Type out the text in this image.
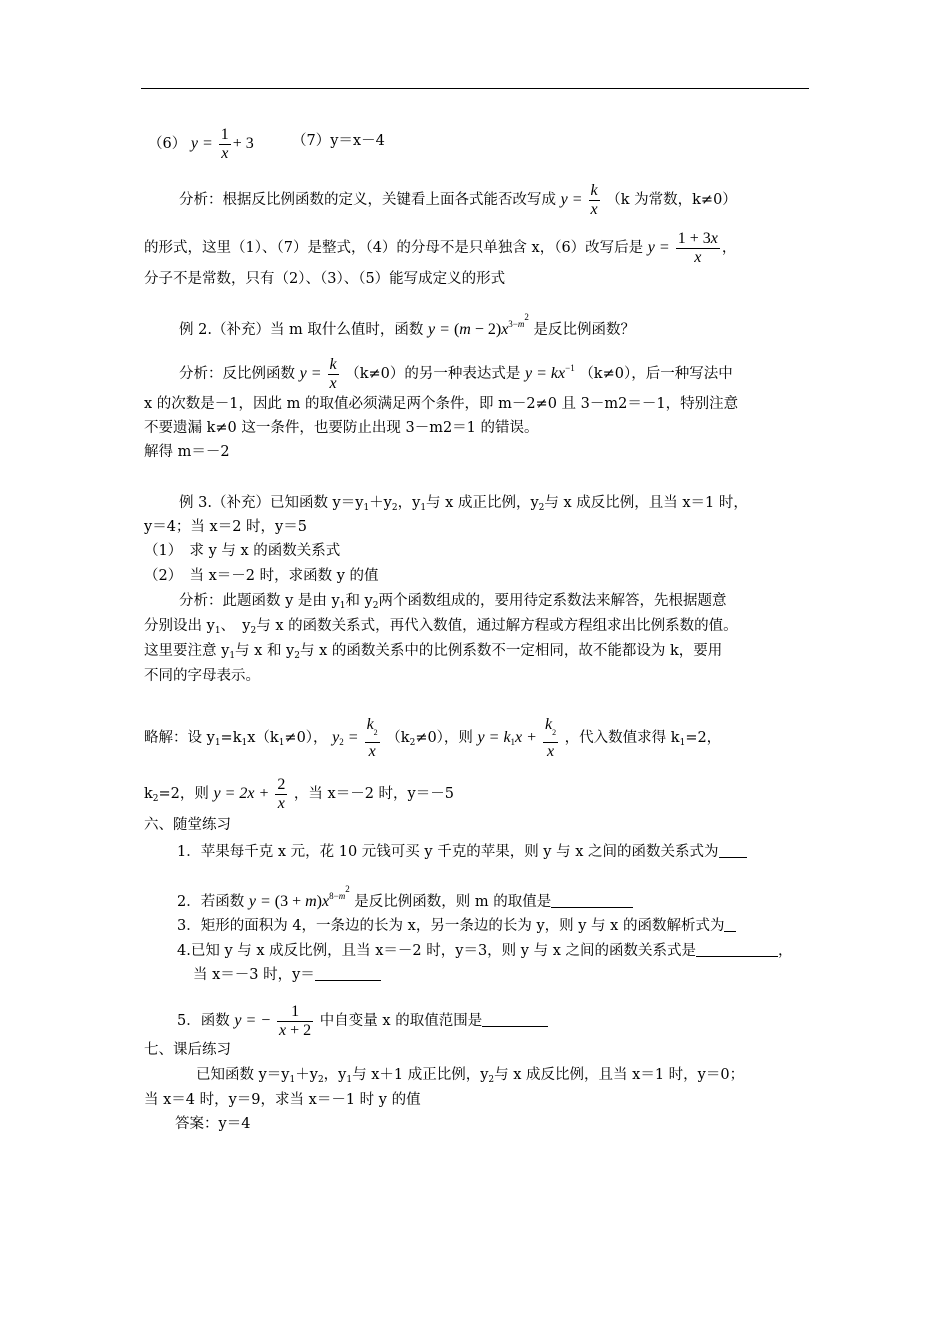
（6） $y = \frac{1}{x} + 3$	（7）y＝x－4
分析：根据反比例函数的定义，关键看上面各式能否改写成 $y = \frac{k}{x} (k$ 为常数，k≠0）
的形式，这里（1）、（7）是整式，（4）的分母不是只单独含 x，（6）改写后是 $y = \frac{1 + 3x}{x}$ ，
分子不是常数，只有（2）、（3）、（5）能写成定义的形式
例 2.（补充）当 m 取什么值时，函数 $y = (m - 2)x^{3-m^2}$ 是反比例函数？
分析：反比例函数 $y = \frac{k}{x} (k\ne 0)$的另一种表达式是 $y = kx^{-1}$ （k≠0），后一种写法中
x 的次数是－1，因此 m 的取值必须满足两个条件，即 m－2≠0 且 3－m2＝－1，特别注意
不要遗漏 k≠0 这一条件，也要防止出现 3－m2＝1 的错误。
解得 m＝－2
例 3.（补充）已知函数 $y=y_1+y_2$，$y_1$与 x 成正比例，$y_2$与 x 成反比例，且当 x＝1 时，
y＝4；当 x＝2 时，y＝5
（1）　求 y 与 x 的函数关系式
（2）　当 x＝－2 时，求函数 y 的值
分析：此题函数 y 是由 $y_1$和 $y_2$两个函数组成的，要用待定系数法来解答，先根据题意
分别设出 $y_1$、　$y_2$与 x 的函数关系式，再代入数值，通过解方程或方程组求出比例系数的值。
这里要注意 $y_1$与 x 和 $y_2$与 x 的函数关系中的比例系数不一定相同，故不能都设为 k，要用
不同的字母表示。
略解：设 $y_1=k_1x(k_1\ne 0)$， $y_2 = \frac{k_2}{x} (k_2\ne 0)$，则 $y = k_1x + \frac{k_2}{x}$ ，代入数值求得 $k_1=2$，
$k_2=2$，则 $y = 2x + \frac{2}{x}$ ，当 x＝－2 时，y＝－5
六、随堂练习
1．苹果每千克 x 元，花 10 元钱可买 y 千克的苹果，则 y 与 x 之间的函数关系式为
2．若函数 $y = (3 + m)x^{8-m^2}$ 是反比例函数，则 m 的取值是
3．矩形的面积为 4，一条边的长为 x，另一条边的长为 y，则 y 与 x 的函数解析式为
4.已知 y 与 x 成反比例，且当 x＝－2 时，y＝3，则 y 与 x 之间的函数关系式是	，
当 x＝－3 时，y＝
5．函数 y = − $\frac{1}{x + 2}$ 中自变量 x 的取值范围是
七、课后练习
已知函数 $y=y_1+y_2$，$y_1$与 x＋1 成正比例，$y_2$与 x 成反比例，且当 x＝1 时，y＝0；
当 x＝4 时，y＝9，求当 x＝－1 时 y 的值
答案：y＝4
